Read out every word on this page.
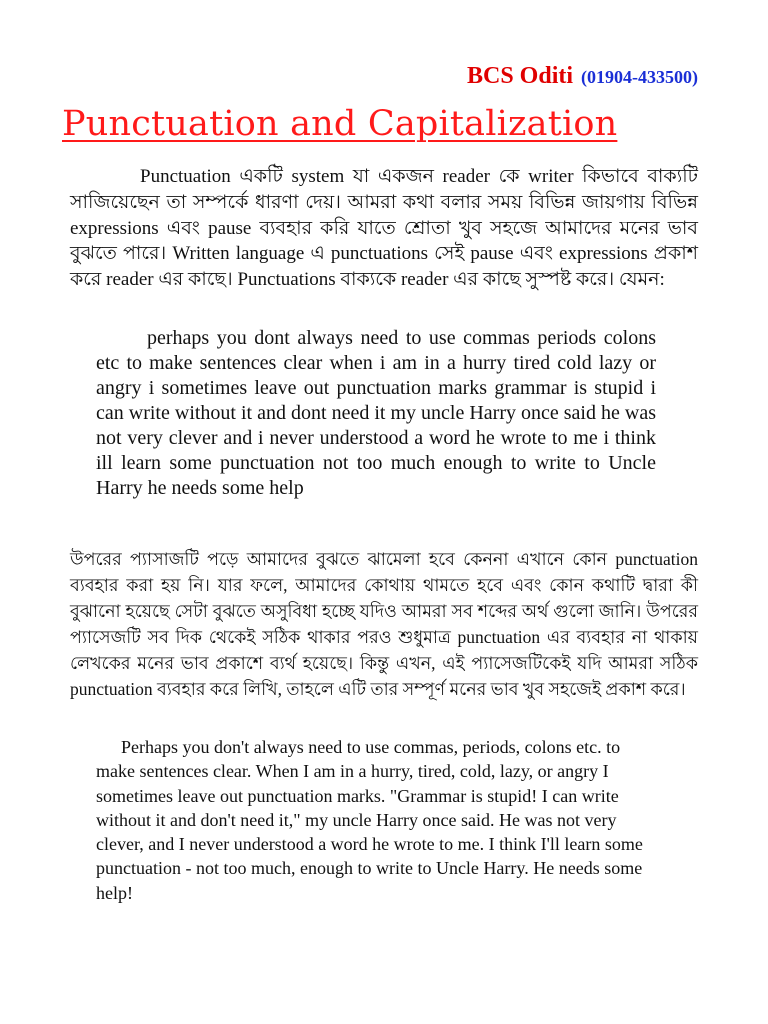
BCS Oditi (01904-433500)
Punctuation and Capitalization

Punctuation একটি system যা একজন reader কে writer কিভাবে বাক্যটি সাজিয়েছেন তা সম্পর্কে ধারণা দেয়। আমরা কথা বলার সময় বিভিন্ন জায়গায় বিভিন্ন expressions এবং pause ব্যবহার করি যাতে শ্রোতা খুব সহজে আমাদের মনের ভাব বুঝতে পারে। Written language এ punctuations সেই pause এবং expressions প্রকাশ করে reader এর কাছে। Punctuations বাক্যকে reader এর কাছে সুস্পষ্ট করে। যেমন:

perhaps you dont always need to use commas periods colons etc to make sentences clear when i am in a hurry tired cold lazy or angry i sometimes leave out punctuation marks grammar is stupid i can write without it and dont need it my uncle Harry once said he was not very clever and i never understood a word he wrote to me i think ill learn some punctuation not too much enough to write to Uncle Harry he needs some help

উপরের প্যাসাজটি পড়ে আমাদের বুঝতে ঝামেলা হবে কেননা এখানে কোন punctuation ব্যবহার করা হয় নি। যার ফলে, আমাদের কোথায় থামতে হবে এবং কোন কথাটি দ্বারা কী বুঝানো হয়েছে সেটা বুঝতে অসুবিধা হচ্ছে যদিও আমরা সব শব্দের অর্থ গুলো জানি। উপরের প্যাসেজটি সব দিক থেকেই সঠিক থাকার পরও শুধুমাত্র punctuation এর ব্যবহার না থাকায় লেখকের মনের ভাব প্রকাশে ব্যর্থ হয়েছে। কিন্তু এখন, এই প্যাসেজটিকেই যদি আমরা সঠিক punctuation ব্যবহার করে লিখি, তাহলে এটি তার সম্পূর্ণ মনের ভাব খুব সহজেই প্রকাশ করে।

Perhaps you don't always need to use commas, periods, colons etc. to make sentences clear. When I am in a hurry, tired, cold, lazy, or angry I sometimes leave out punctuation marks. "Grammar is stupid! I can write without it and don't need it," my uncle Harry once said. He was not very clever, and I never understood a word he wrote to me. I think I'll learn some punctuation - not too much, enough to write to Uncle Harry. He needs some help!
